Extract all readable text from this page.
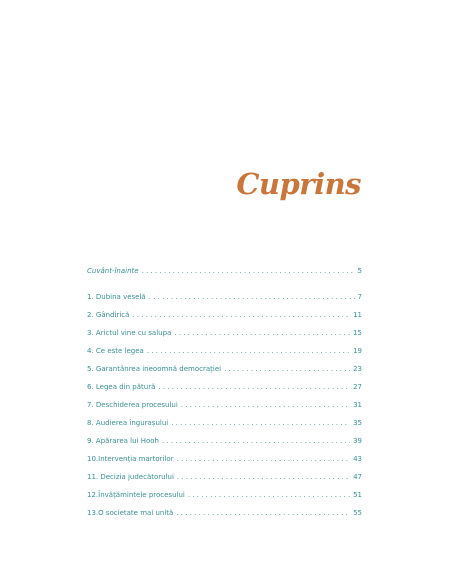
Cuprins
Cuvânt-înainte . . .	5
1. Dubina veselă . . .	7
2. Gândirică . . .	11
3. Arictul vine cu salupa . . .	15
4. Ce este legea . . .	19
5. Garantânrea ineoomnă democrației . . .	23
6. Legea din pătură . . .	27
7. Deschiderea procesului . . .	31
8. Audierea îngurașului . . .	35
9. Apărarea lui Hooh . . .	39
10.Intervenția martorilor . . .	43
11. Decizia judecătorului . . .	47
12.Învățămintele procesului . . .	51
13.O societate mai unită . . .	55
